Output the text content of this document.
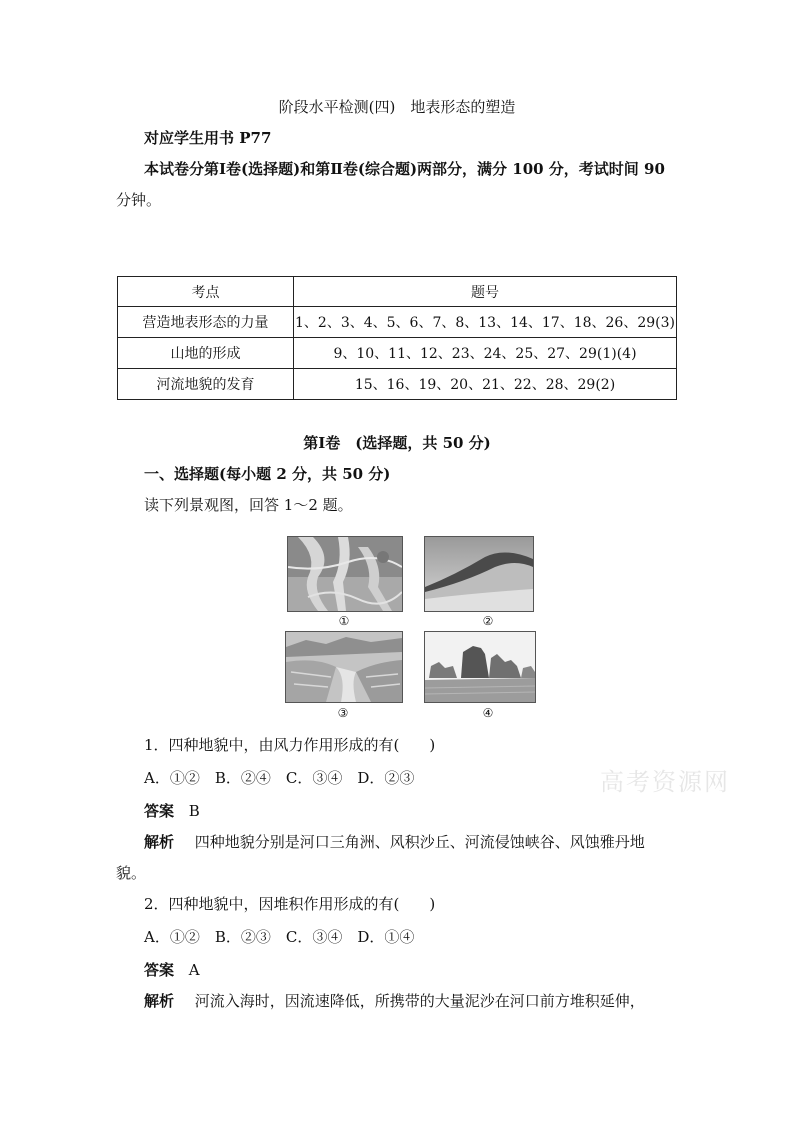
阶段水平检测(四)　地表形态的塑造
对应学生用书 P77
本试卷分第Ⅰ卷(选择题)和第Ⅱ卷(综合题)两部分，满分 100 分，考试时间 90
分钟。
考点	题号
营造地表形态的力量	1、2、3、4、5、6、7、8、13、14、17、18、26、29(3)
山地的形成	9、10、11、12、23、24、25、27、29(1)(4)
河流地貌的发育	15、16、19、20、21、22、28、29(2)
第Ⅰ卷　(选择题，共 50 分)
一、选择题(每小题 2 分，共 50 分)
读下列景观图，回答 1～2 题。
①	②
③	④
高考资源网
1．四种地貌中，由风力作用形成的有(　　)
A．①②　B．②④　C．③④　D．②③
答案 B
解析 四种地貌分别是河口三角洲、风积沙丘、河流侵蚀峡谷、风蚀雅丹地
貌。
2．四种地貌中，因堆积作用形成的有(　　)
A．①②　B．②③　C．③④　D．①④
答案 A
解析 河流入海时，因流速降低，所携带的大量泥沙在河口前方堆积延伸，
